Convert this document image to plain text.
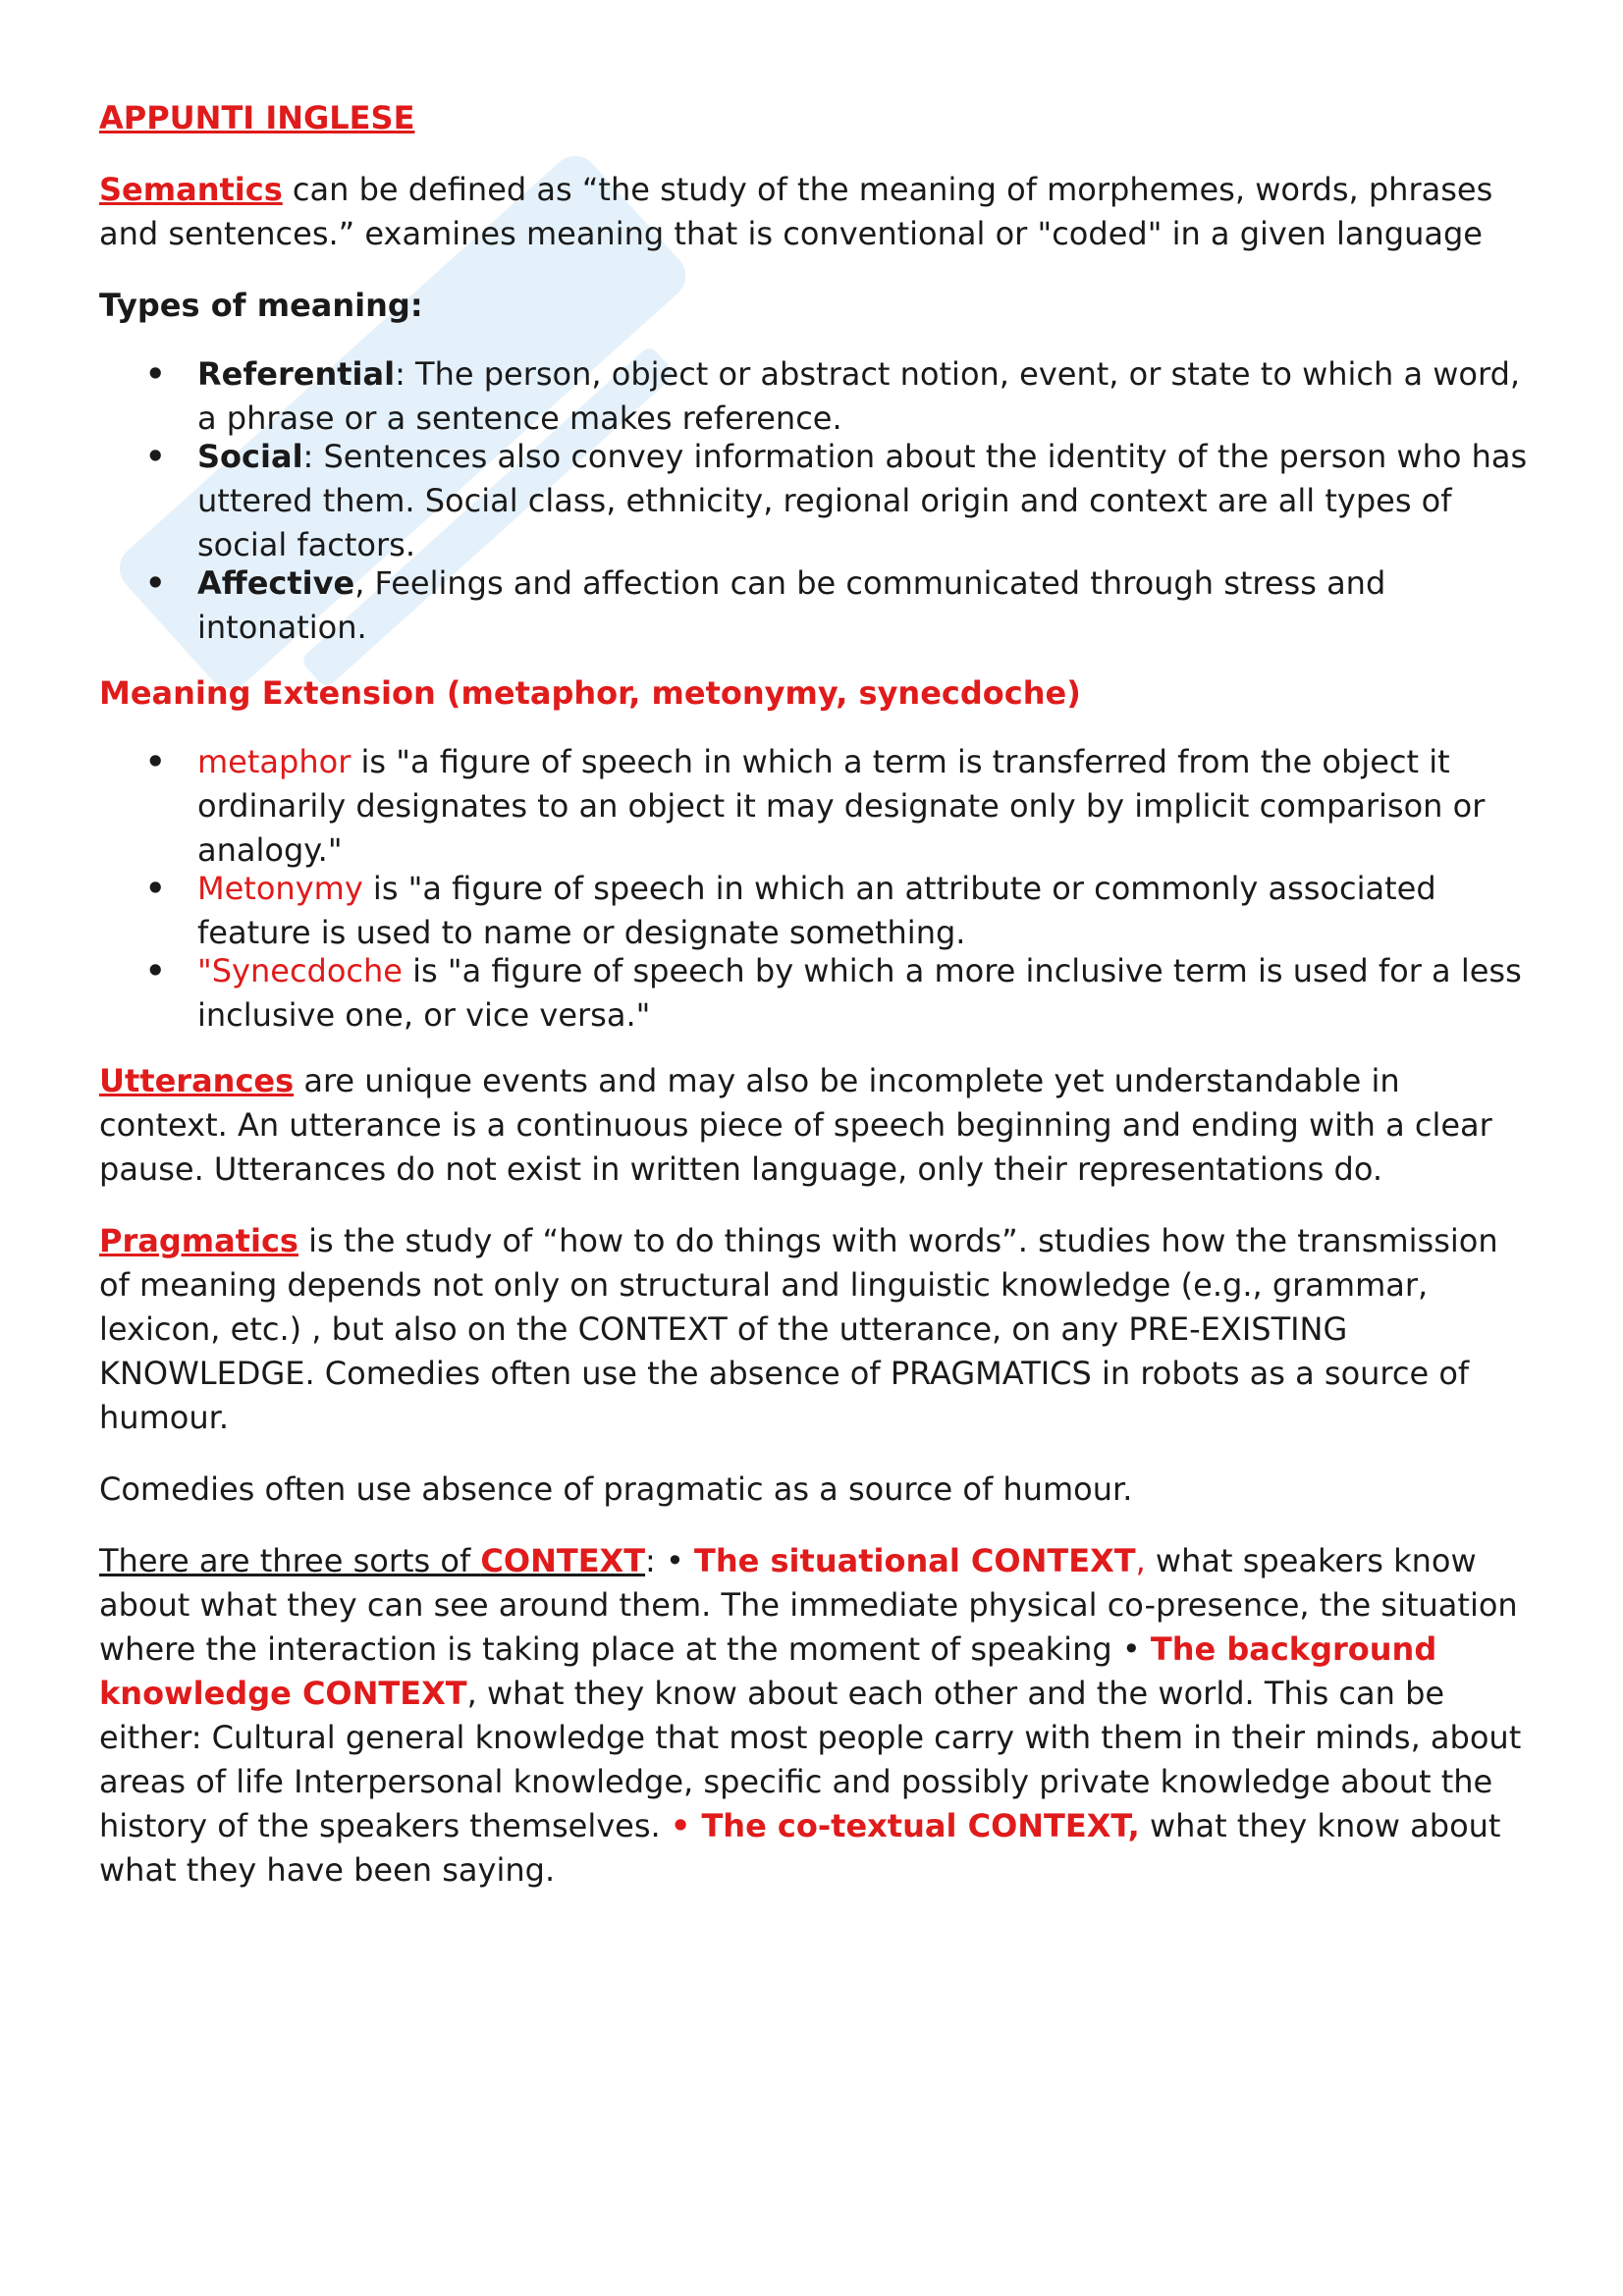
APPUNTI INGLESE

Semantics can be defined as “the study of the meaning of morphemes, words, phrases and sentences.” examines meaning that is conventional or "coded" in a given language

Types of meaning:

• Referential: The person, object or abstract notion, event, or state to which a word, a phrase or a sentence makes reference.
• Social: Sentences also convey information about the identity of the person who has uttered them. Social class, ethnicity, regional origin and context are all types of social factors.
• Affective, Feelings and affection can be communicated through stress and intonation.

Meaning Extension (metaphor, metonymy, synecdoche)

• metaphor is "a figure of speech in which a term is transferred from the object it ordinarily designates to an object it may designate only by implicit comparison or analogy."
• Metonymy is "a figure of speech in which an attribute or commonly associated feature is used to name or designate something.
• "Synecdoche is "a figure of speech by which a more inclusive term is used for a less inclusive one, or vice versa."

Utterances are unique events and may also be incomplete yet understandable in context. An utterance is a continuous piece of speech beginning and ending with a clear pause. Utterances do not exist in written language, only their representations do.

Pragmatics is the study of “how to do things with words”. studies how the transmission of meaning depends not only on structural and linguistic knowledge (e.g., grammar, lexicon, etc.) , but also on the CONTEXT of the utterance, on any PRE-EXISTING KNOWLEDGE. Comedies often use the absence of PRAGMATICS in robots as a source of humour.

Comedies often use absence of pragmatic as a source of humour.

There are three sorts of CONTEXT: • The situational CONTEXT, what speakers know about what they can see around them. The immediate physical co-presence, the situation where the interaction is taking place at the moment of speaking • The background knowledge CONTEXT, what they know about each other and the world. This can be either: Cultural general knowledge that most people carry with them in their minds, about areas of life Interpersonal knowledge, specific and possibly private knowledge about the history of the speakers themselves. • The co-textual CONTEXT, what they know about what they have been saying.
